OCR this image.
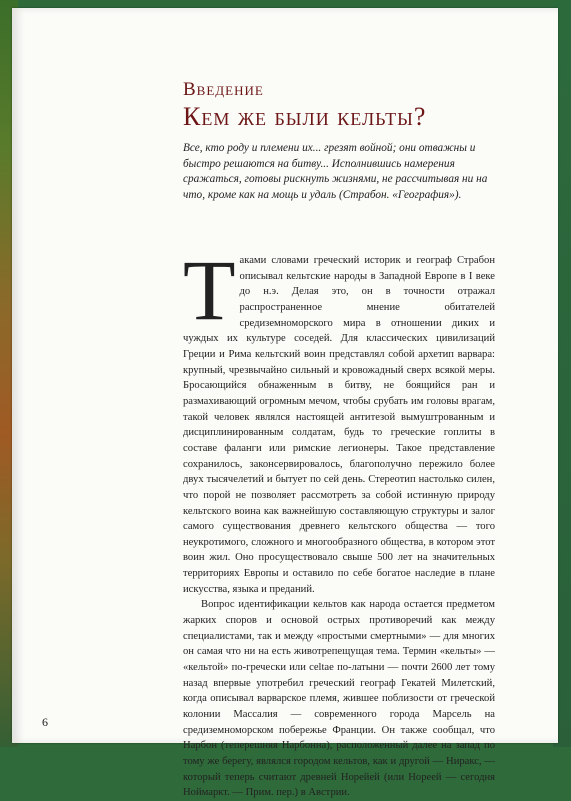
Введение
Кем же были кельты?
Все, кто роду и племени их... грезят войной; они отважны и быстро решаются на битву... Исполнившись намерения сражаться, готовы рискнуть жизнями, не рассчитывая ни на что, кроме как на мощь и удаль (Страбон. «География»).

Таками словами греческий историк и географ Страбон описывал кельтские народы в Западной Европе в I веке до н.э. Делая это, он в точности отражал распространенное мнение обитателей средиземноморского мира в отношении диких и чуждых их культуре соседей. Для классических цивилизаций Греции и Рима кельтский воин представлял собой архетип варвара: крупный, чрезвычайно сильный и кровожадный сверх всякой меры. Бросающийся обнаженным в битву, не боящийся ран и размахивающий огромным мечом, чтобы срубать им головы врагам, такой человек являлся настоящей антитезой вымуштрованным и дисциплинированным солдатам, будь то греческие гоплиты в составе фаланги или римские легионеры. Такое представление сохранилось, законсервировалось, благополучно пережило более двух тысячелетий и бытует по сей день. Стереотип настолько силен, что порой не позволяет рассмотреть за собой истинную природу кельтского воина как важнейшую составляющую структуры и залог самого существования древнего кельтского общества — того неукротимого, сложного и многообразного общества, в котором этот воин жил. Оно просуществовало свыше 500 лет на значительных территориях Европы и оставило по себе богатое наследие в плане искусства, языка и преданий.

Вопрос идентификации кельтов как народа остается предметом жарких споров и основой острых противоречий как между специалистами, так и между «простыми смертными» — для многих он самая что ни на есть животрепещущая тема. Термин «кельты» — «кельтой» по-гречески или celtae по-латыни — почти 2600 лет тому назад впервые употребил греческий географ Гекатей Милетский, когда описывал варварское племя, жившее поблизости от греческой колонии Массалия — современного города Марсель на средиземноморском побережье Франции. Он также сообщал, что Нарбон (теперешняя Нарбонна), расположенный далее на запад по тому же берегу, являлся городом кельтов, как и другой — Ниракс, — который теперь считают древней Норейей (или Нореей — сегодня Ноймаркт. — Прим. пер.) в Австрии.

6
